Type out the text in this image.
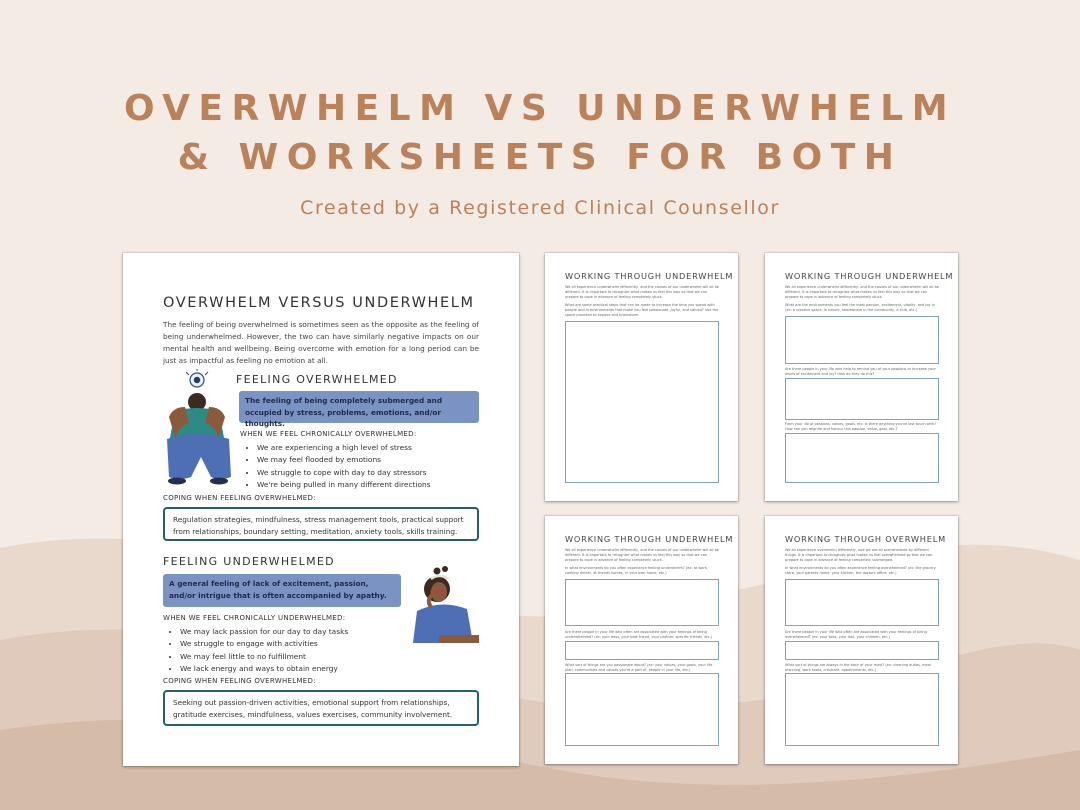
OVERWHELM VS UNDERWHELM
& WORKSHEETS FOR BOTH
Created by a Registered Clinical Counsellor
OVERWHELM VERSUS UNDERWHELM
The feeling of being overwhelmed is sometimes seen as the opposite as the feeling of being underwhelmed. However, the two can have similarly negative impacts on our mental health and wellbeing. Being overcome with emotion for a long period can be just as impactful as feeling no emotion at all.
FEELING OVERWHELMED
The feeling of being completely submerged and occupied by stress, problems, emotions, and/or thoughts.
WHEN WE FEEL CHRONICALLY OVERWHELMED:
• We are experiencing a high level of stress
• We may feel flooded by emotions
• We struggle to cope with day to day stressors
• We're being pulled in many different directions
COPING WHEN FEELING OVERWHELMED:
Regulation strategies, mindfulness, stress management tools, practical support from relationships, boundary setting, meditation, anxiety tools, skills training.
FEELING UNDERWHELMED
A general feeling of lack of excitement, passion, and/or intrigue that is often accompanied by apathy.
WHEN WE FEEL CHRONICALLY UNDERWHELMED:
• We may lack passion for our day to day tasks
• We struggle to engage with activities
• We may feel little to no fulfillment
• We lack energy and ways to obtain energy
COPING WHEN FEELING OVERWHELMED:
Seeking out passion-driven activities, emotional support from relationships, gratitude exercises, mindfulness, values exercises, community involvement.
WORKING THROUGH UNDERWHELM
We all experience underwhelm differently, and the causes of our underwhelm will all be different. It is important to recognize what makes us feel this way so that we can prepare to cope in advance of feeling completely stuck.
What are some practical steps that can be made to increase the time you spend with people and in environments that make you feel passionate, joyful, and valued? Use the space provided to explore and brainstorm.
WORKING THROUGH UNDERWHELM
We all experience underwhelm differently, and the causes of our underwhelm will all be different. It is important to recognize what makes us feel this way so that we can prepare to cope in advance of feeling completely stuck.
What are the environments you feel the most passion, excitement, vitality, and joy in (ex: a creative space, in nature, somewhere in the community, a club, etc.)
Are there people in your life who help to remind you of your passions or increase your levels of excitement and joy? How do they do this?
From your list of passions, values, goals, etc. is there anything you've lost touch with? How can you reignite and honour this passion, value, goal, etc.?
WORKING THROUGH UNDERWHELM
We all experience underwhelm differently, and the causes of our underwhelm will all be different. It is important to recognize what makes us feel this way so that we can prepare to cope in advance of feeling completely stuck.
In what environments do you often experience feeling underwhelm? (ex: at work, cooking dinner, at friends homes, in your own home, etc.)
Are there people in your life who often are associated with your feelings of being underwhelmed? (ex: your boss, your best friend, your partner, specific friends, etc.)
What sort of things are you passionate about? (ex: your values, your goals, your life plan, communities and causes you're a part of, people in your life, etc.)
WORKING THROUGH OVERWHELM
We all experience overwhelm differently, and we are all overwhelmed by different things. It is important to recognize what makes us feel overwhelmed so that we can prepare to cope in advance of feeling completely submerged.
In what environments do you often experience feeling overwhelmed? (ex: the grocery store, your parents home, your kitchen, the doctors office, etc.)
Are there people in your life who often are associated with your feelings of being overwhelmed? (ex: your boss, your dad, your children, etc.)
What sort of things are always in the back of your mind? (ex: cleaning duties, meal planning, work tasks, childcare, appointments, etc.)
